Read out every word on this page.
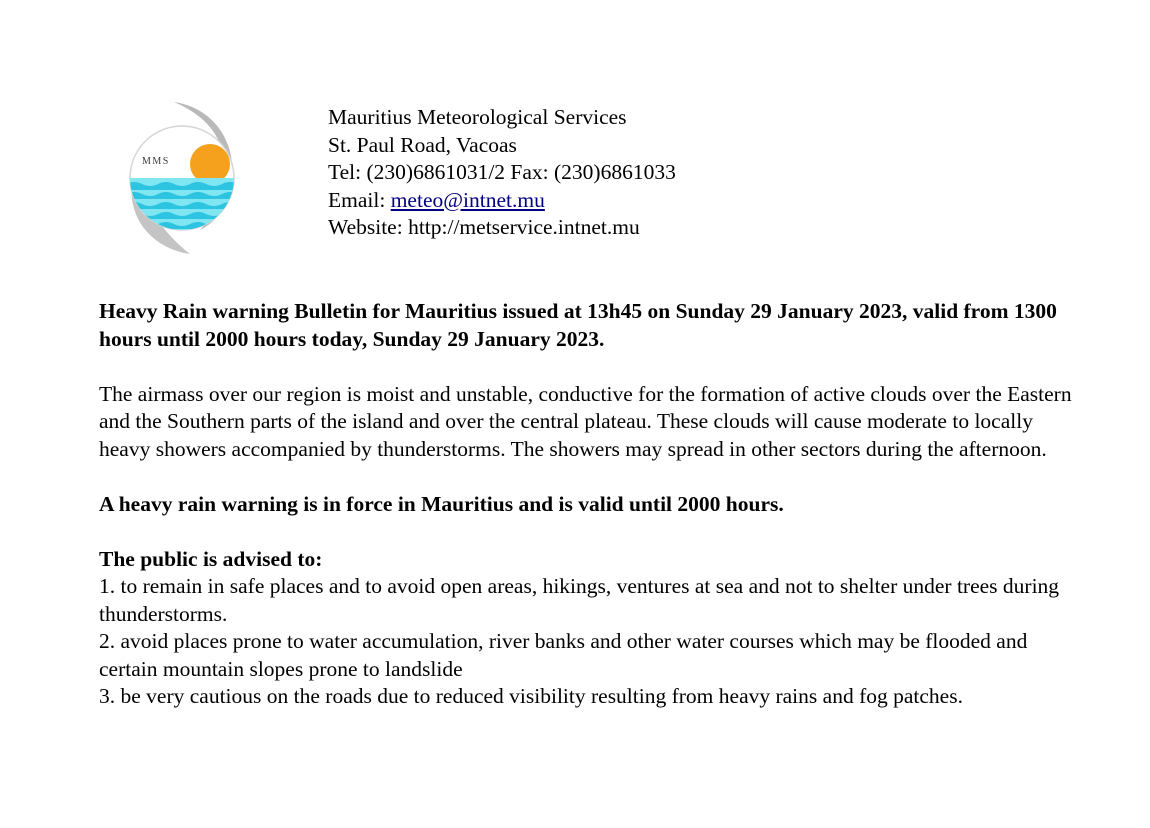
MMS
Mauritius Meteorological Services
St. Paul Road, Vacoas
Tel: (230)6861031/2 Fax: (230)6861033
Email: meteo@intnet.mu
Website: http://metservice.intnet.mu

Heavy Rain warning Bulletin for Mauritius issued at 13h45 on Sunday 29 January 2023, valid from 1300 hours until 2000 hours today, Sunday 29 January 2023.

The airmass over our region is moist and unstable, conductive for the formation of active clouds over the Eastern and the Southern parts of the island and over the central plateau. These clouds will cause moderate to locally heavy showers accompanied by thunderstorms. The showers may spread in other sectors during the afternoon.

A heavy rain warning is in force in Mauritius and is valid until 2000 hours.

The public is advised to:

1. to remain in safe places and to avoid open areas, hikings, ventures at sea and not to shelter under trees during thunderstorms.

2. avoid places prone to water accumulation, river banks and other water courses which may be flooded and certain mountain slopes prone to landslide

3. be very cautious on the roads due to reduced visibility resulting from heavy rains and fog patches.
